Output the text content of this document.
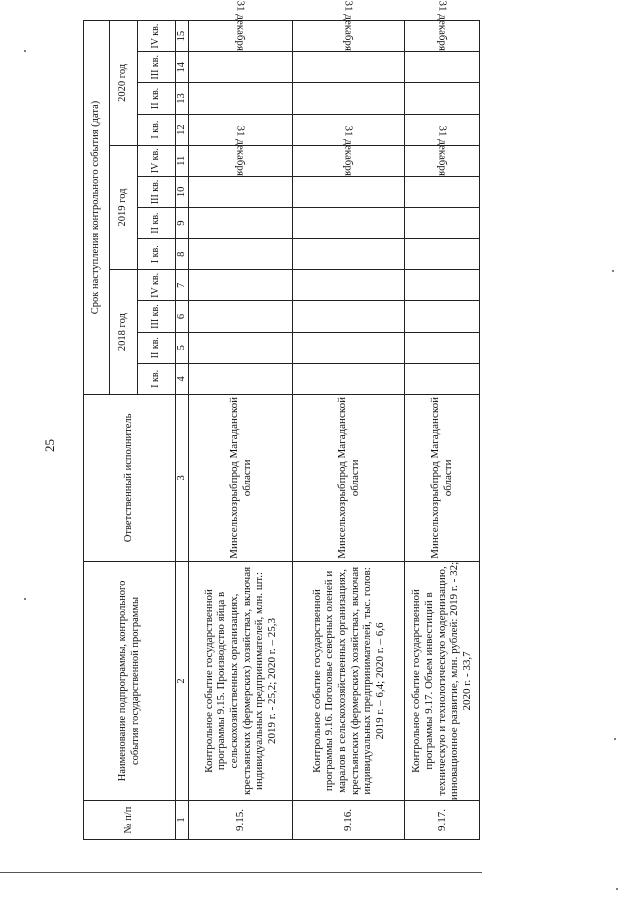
25
№ п/п	Наименование подпрограммы, контрольного события государственной программы	Ответственный исполнитель	Срок наступления контрольного события (дата)											
			2018 год				2019 год				2020 год			
			I кв.	II кв.	III кв.	IV кв.	I кв.	II кв.	III кв.	IV кв.	I кв.	II кв.	III кв.	IV кв.
1	2	3	4	5	6	7	8	9	10	11	12	13	14	15
9.15.	Контрольное событие государственной программы 9.15. Производство яйца в сельскохозяйственных организациях, крестьянских (фермерских) хозяйствах, включая индивидуальных предпринимателей, млн. шт.: 2019 г. - 25,2; 2020 г. – 25,3	Минсельхозрыбпрод Магаданской области								31 декабря				31 декабря
9.16.	Контрольное событие государственной программы 9.16. Поголовье северных оленей и маралов в сельскохозяйственных организациях, крестьянских (фермерских) хозяйствах, включая индивидуальных предпринимателей, тыс. голов: 2019 г. – 6,4; 2020 г. – 6,6	Минсельхозрыбпрод Магаданской области								31 декабря				31 декабря
9.17.	Контрольное событие государственной программы 9.17. Объем инвестиций в техническую и технологическую модернизацию, инновационное развитие, млн. рублей: 2019 г. - 32; 2020 г. - 33,7	Минсельхозрыбпрод Магаданской области								31 декабря				31 декабря
